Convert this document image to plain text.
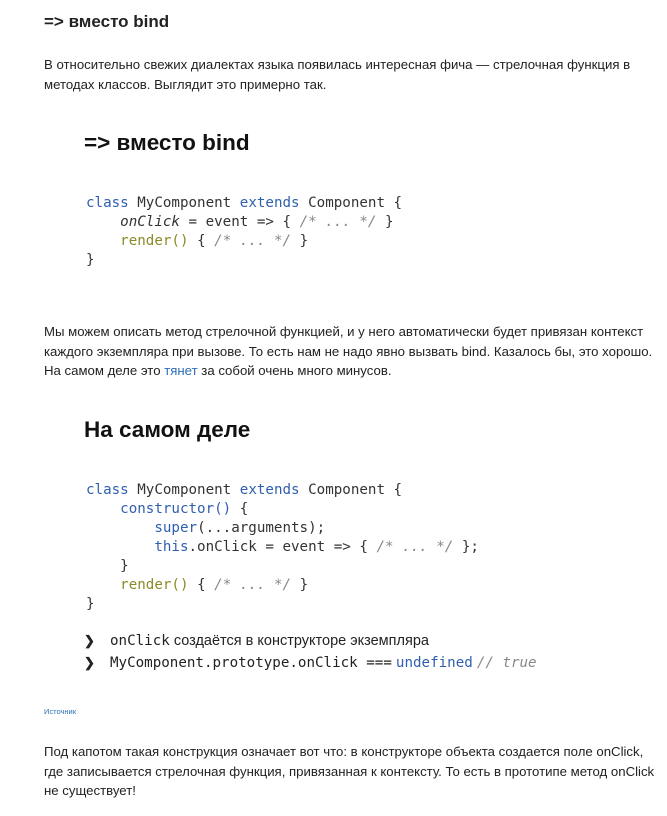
=> вместо bind
В относительно свежих диалектах языка появилась интересная фича — стрелочная функция в методах классов. Выглядит это примерно так.
=> вместо bind
class MyComponent extends Component {
onClick = event => { /* ... */ }
render() { /* ... */ }
}
Мы можем описать метод стрелочной функцией, и у него автоматически будет привязан контекст каждого экземпляра при вызове. То есть нам не надо явно вызвать bind. Казалось бы, это хорошо. На самом деле это тянет за собой очень много минусов.
На самом деле
class MyComponent extends Component {
constructor() {
super(...arguments);
this.onClick = event => { /* ... */ };
}
render() { /* ... */ }
}
❯	onClick
создаётся в конструкторе экземпляра
❯	MyComponent.prototype.onClick ===
undefined
// true
Источник
Под капотом такая конструкция означает вот что: в конструкторе объекта создается поле onClick, где записывается стрелочная функция, привязанная к контексту. То есть в прототипе метод onClick не существует!
